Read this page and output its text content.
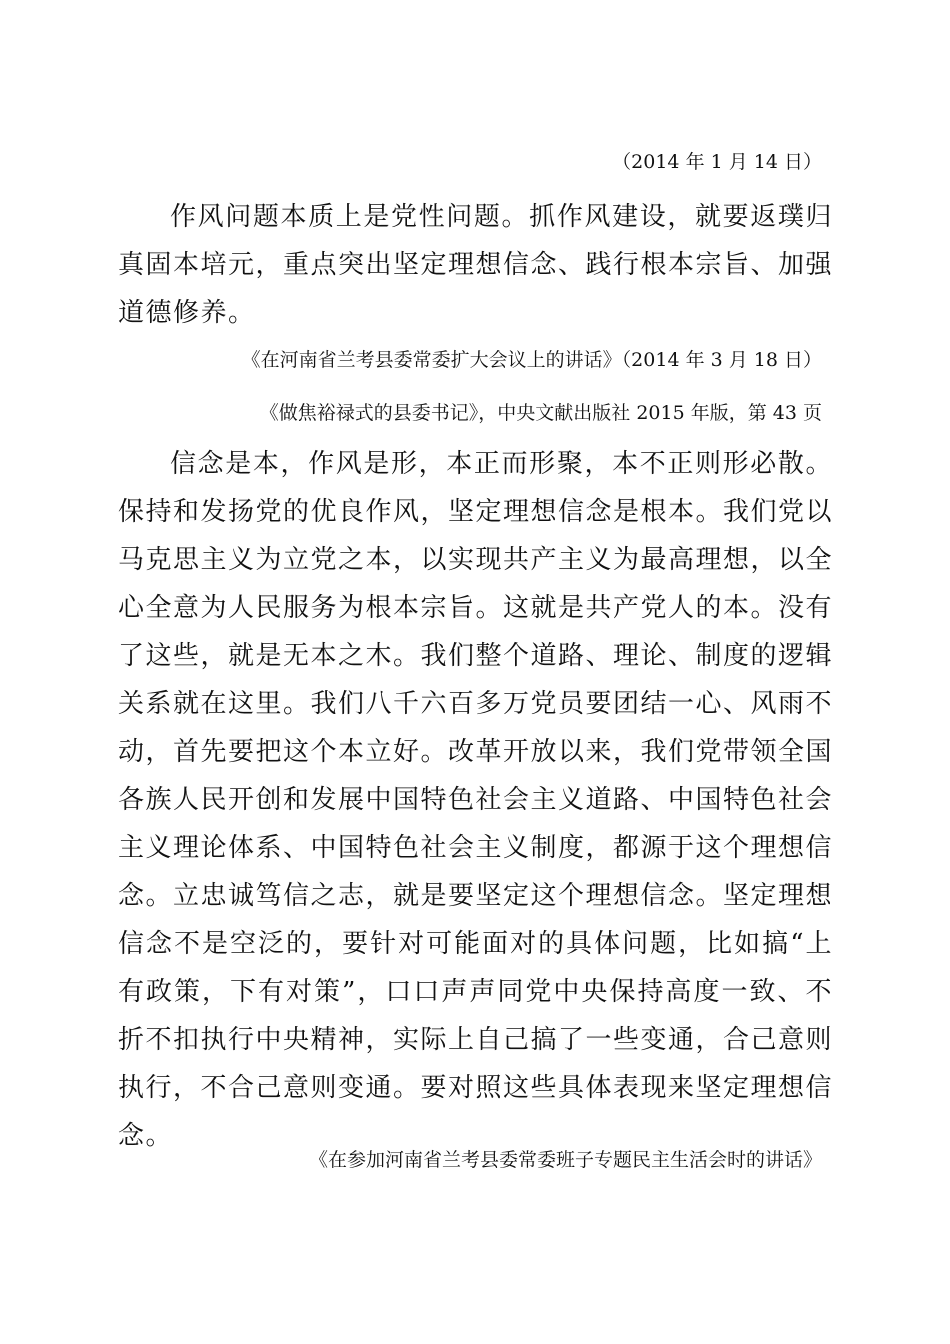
（2014 年 1 月 14 日）

作风问题本质上是党性问题。抓作风建设，就要返璞归真固本培元，重点突出坚定理想信念、践行根本宗旨、加强道德修养。

《在河南省兰考县委常委扩大会议上的讲话》（2014 年 3 月 18 日）
《做焦裕禄式的县委书记》，中央文献出版社 2015 年版，第 43 页

信念是本，作风是形，本正而形聚，本不正则形必散。保持和发扬党的优良作风，坚定理想信念是根本。我们党以马克思主义为立党之本，以实现共产主义为最高理想，以全心全意为人民服务为根本宗旨。这就是共产党人的本。没有了这些，就是无本之木。我们整个道路、理论、制度的逻辑关系就在这里。我们八千六百多万党员要团结一心、风雨不动，首先要把这个本立好。改革开放以来，我们党带领全国各族人民开创和发展中国特色社会主义道路、中国特色社会主义理论体系、中国特色社会主义制度，都源于这个理想信念。立忠诚笃信之志，就是要坚定这个理想信念。坚定理想信念不是空泛的，要针对可能面对的具体问题，比如搞“上有政策，下有对策”，口口声声同党中央保持高度一致、不折不扣执行中央精神，实际上自己搞了一些变通，合己意则执行，不合己意则变通。要对照这些具体表现来坚定理想信念。

《在参加河南省兰考县委常委班子专题民主生活会时的讲话》
